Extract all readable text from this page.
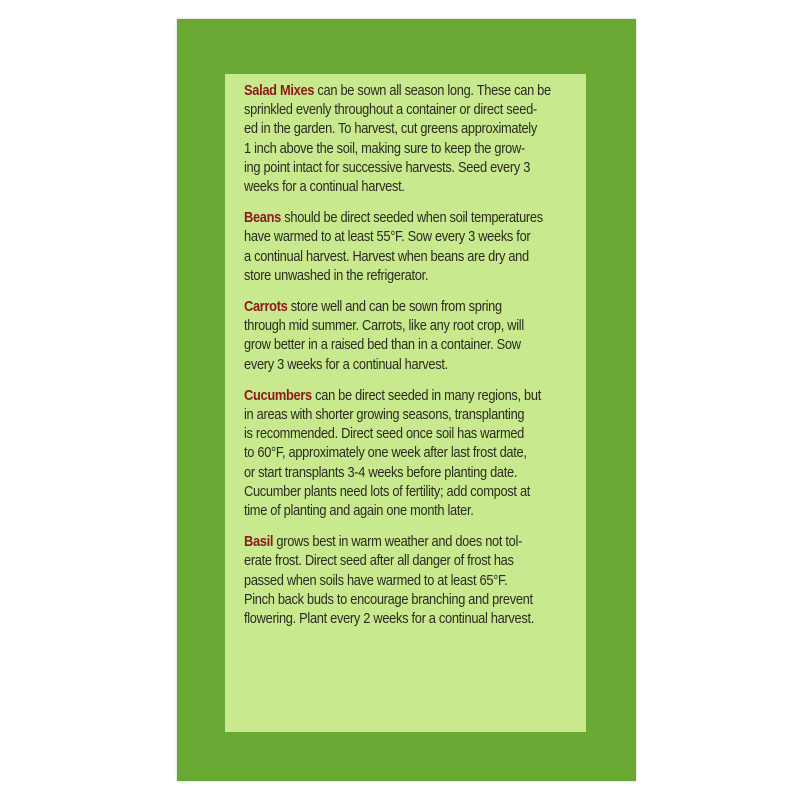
Salad Mixes can be sown all season long. These can be
sprinkled evenly throughout a container or direct seed-
ed in the garden. To harvest, cut greens approximately
1 inch above the soil, making sure to keep the grow-
ing point intact for successive harvests. Seed every 3
weeks for a continual harvest.

Beans should be direct seeded when soil temperatures
have warmed to at least 55°F. Sow every 3 weeks for
a continual harvest. Harvest when beans are dry and
store unwashed in the refrigerator.

Carrots store well and can be sown from spring
through mid summer. Carrots, like any root crop, will
grow better in a raised bed than in a container. Sow
every 3 weeks for a continual harvest.

Cucumbers can be direct seeded in many regions, but
in areas with shorter growing seasons, transplanting
is recommended. Direct seed once soil has warmed
to 60°F, approximately one week after last frost date,
or start transplants 3-4 weeks before planting date.
Cucumber plants need lots of fertility; add compost at
time of planting and again one month later.

Basil grows best in warm weather and does not tol-
erate frost. Direct seed after all danger of frost has
passed when soils have warmed to at least 65°F.
Pinch back buds to encourage branching and prevent
flowering. Plant every 2 weeks for a continual harvest.
